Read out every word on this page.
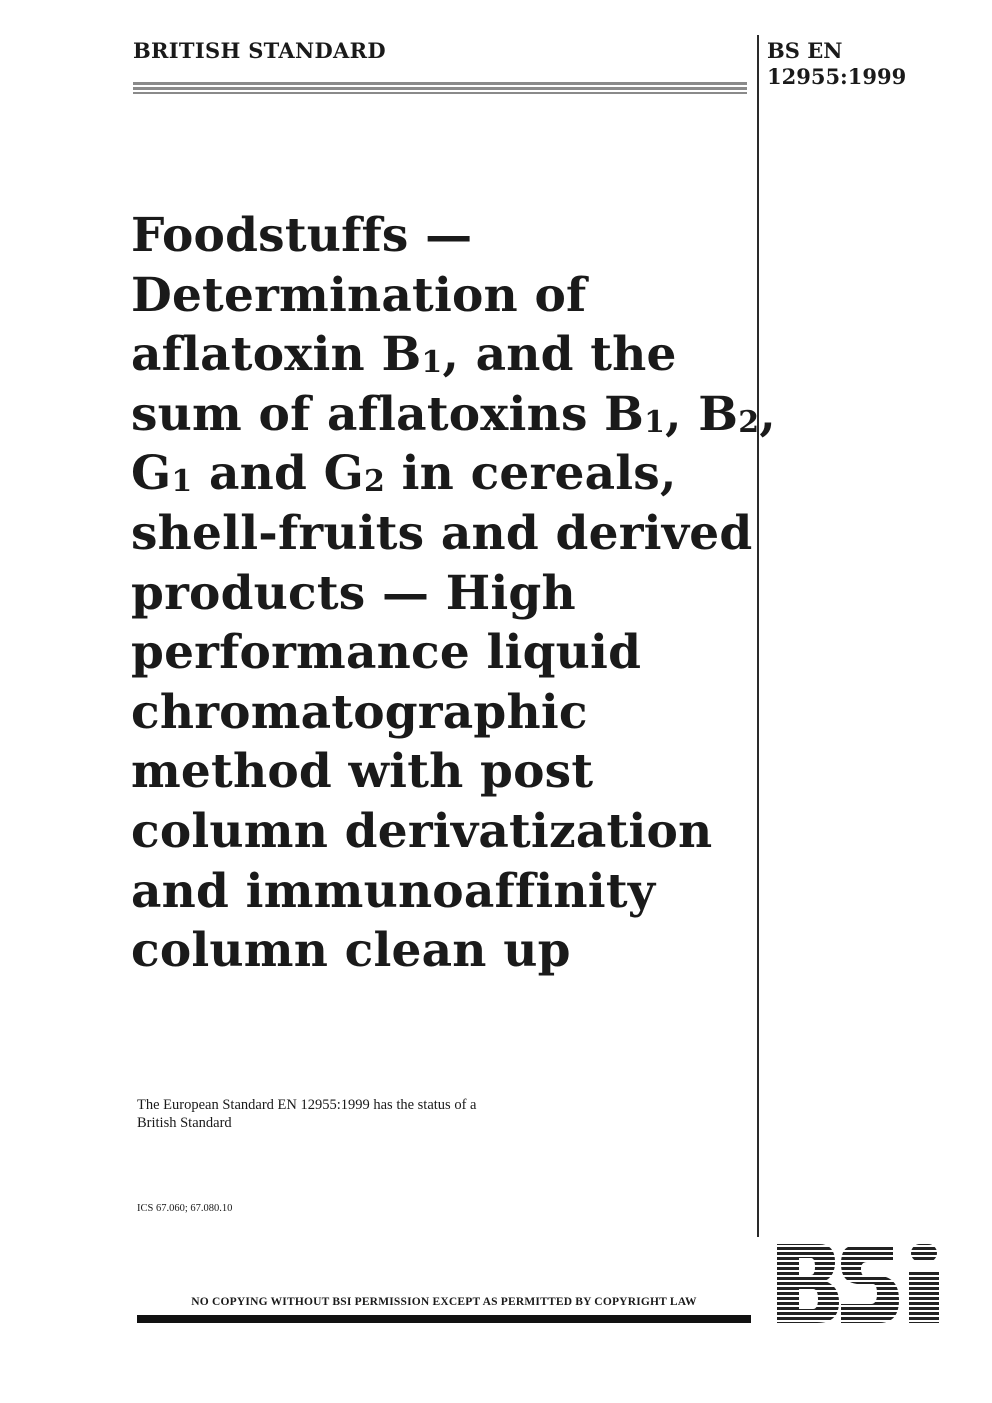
BRITISH STANDARD	BS EN
12955:1999
Foodstuffs —
Determination of
aflatoxin $B_1$, and the
sum of aflatoxins $B_1$, $B_2$,
$G_1$ and $G_2$ in cereals,
shell-fruits and derived
products — High
performance liquid
chromatographic
method with post
column derivatization
and immunoaffinity
column clean up
The European Standard EN 12955:1999 has the status of a
British Standard
ICS 67.060; 67.080.10
NO COPYING WITHOUT BSI PERMISSION EXCEPT AS PERMITTED BY COPYRIGHT LAW
